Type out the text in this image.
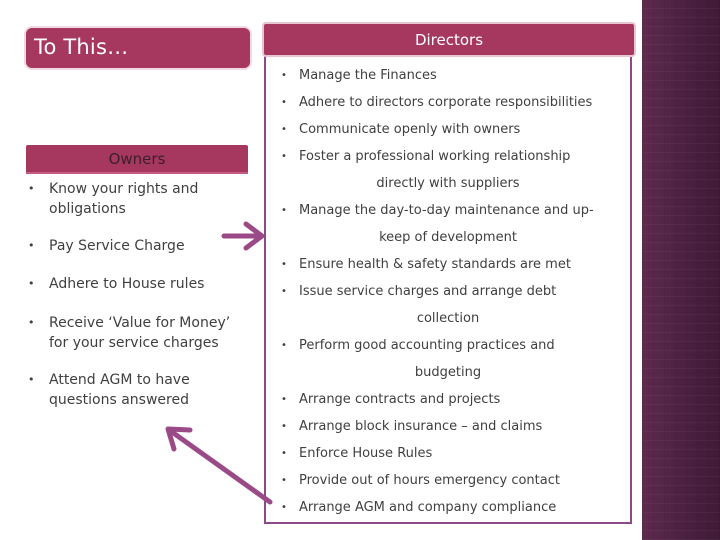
To This…
Owners
• Know your rights and
obligations
• Pay Service Charge
• Adhere to House rules
• Receive ‘Value for Money’
for your service charges
• Attend AGM to have
questions answered
Directors
• Manage the Finances
• Adhere to directors corporate responsibilities
• Communicate openly with owners
• Foster a professional working relationship
directly with suppliers
• Manage the day-to-day maintenance and up-
keep of development
• Ensure health & safety standards are met
• Issue service charges and arrange debt
collection
• Perform good accounting practices and
budgeting
• Arrange contracts and projects
• Arrange block insurance – and claims
• Enforce House Rules
• Provide out of hours emergency contact
• Arrange AGM and company compliance
